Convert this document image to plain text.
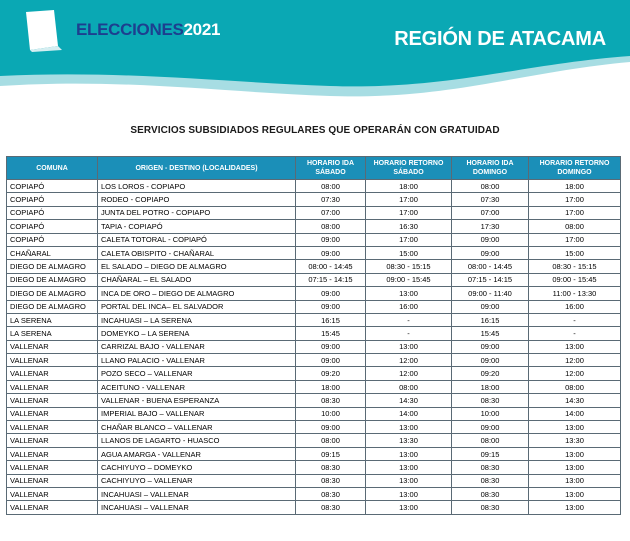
ELECCIONES2021	REGIÓN DE ATACAMA
SERVICIOS SUBSIDIADOS REGULARES QUE OPERARÁN CON GRATUIDAD
COMUNA	ORIGEN - DESTINO (LOCALIDADES)	HORARIO IDA SÁBADO	HORARIO RETORNO SÁBADO	HORARIO IDA DOMINGO	HORARIO RETORNO DOMINGO
COPIAPÓ	LOS LOROS - COPIAPO	08:00	18:00	08:00	18:00
COPIAPÓ	RODEO - COPIAPO	07:30	17:00	07:30	17:00
COPIAPÓ	JUNTA DEL POTRO - COPIAPO	07:00	17:00	07:00	17:00
COPIAPÓ	TAPIA - COPIAPÓ	08:00	16:30	17:30	08:00
COPIAPÓ	CALETA TOTORAL - COPIAPÓ	09:00	17:00	09:00	17:00
CHAÑARAL	CALETA OBISPITO - CHAÑARAL	09:00	15:00	09:00	15:00
DIEGO DE ALMAGRO	EL SALADO – DIEGO DE ALMAGRO	08:00 - 14:45	08:30 - 15:15	08:00 - 14:45	08:30 - 15:15
DIEGO DE ALMAGRO	CHAÑARAL – EL SALADO	07:15 - 14:15	09:00 - 15:45	07:15 - 14:15	09:00 - 15:45
DIEGO DE ALMAGRO	INCA DE ORO – DIEGO DE ALMAGRO	09:00	13:00	09:00 - 11:40	11:00 - 13:30
DIEGO DE ALMAGRO	PORTAL DEL INCA– EL SALVADOR	09:00	16:00	09:00	16:00
LA SERENA	INCAHUASI – LA SERENA	16:15	-	16:15	-
LA SERENA	DOMEYKO – LA SERENA	15:45	-	15:45	-
VALLENAR	CARRIZAL BAJO - VALLENAR	09:00	13:00	09:00	13:00
VALLENAR	LLANO PALACIO - VALLENAR	09:00	12:00	09:00	12:00
VALLENAR	POZO SECO – VALLENAR	09:20	12:00	09:20	12:00
VALLENAR	ACEITUNO - VALLENAR	18:00	08:00	18:00	08:00
VALLENAR	VALLENAR - BUENA ESPERANZA	08:30	14:30	08:30	14:30
VALLENAR	IMPERIAL BAJO – VALLENAR	10:00	14:00	10:00	14:00
VALLENAR	CHAÑAR BLANCO – VALLENAR	09:00	13:00	09:00	13:00
VALLENAR	LLANOS DE LAGARTO - HUASCO	08:00	13:30	08:00	13:30
VALLENAR	AGUA AMARGA - VALLENAR	09:15	13:00	09:15	13:00
VALLENAR	CACHIYUYO – DOMEYKO	08:30	13:00	08:30	13:00
VALLENAR	CACHIYUYO – VALLENAR	08:30	13:00	08:30	13:00
VALLENAR	INCAHUASI – VALLENAR	08:30	13:00	08:30	13:00
VALLENAR	INCAHUASI – VALLENAR	08:30	13:00	08:30	13:00
